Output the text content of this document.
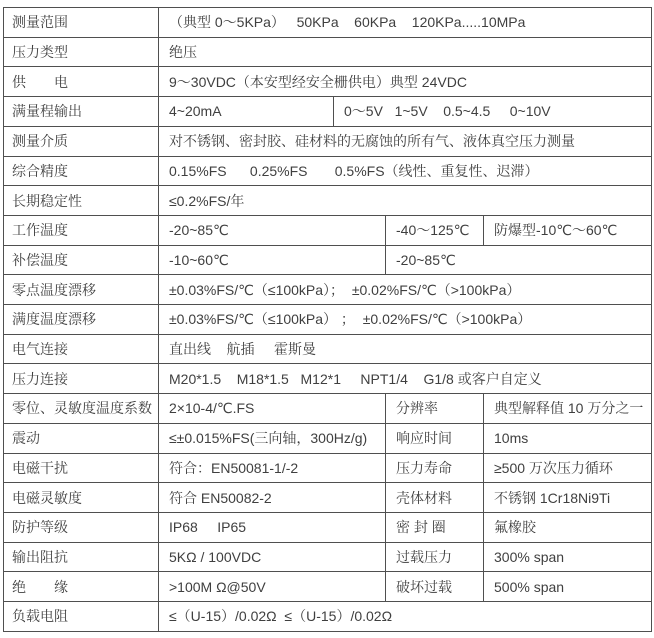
测量范围	（典型 0～5KPa）   50KPa    60KPa    120KPa.....10MPa			
压力类型	绝压			
供　　电	9～30VDC（本安型经安全栅供电）典型 24VDC			
满量程输出	4~20mA	0～5V   1~5V    0.5~4.5     0~10V		
测量介质	对不锈钢、密封胶、硅材料的无腐蚀的所有气、液体真空压力测量			
综合精度	0.15%FS      0.25%FS       0.5%FS（线性、重复性、迟滞）			
长期稳定性	≤0.2%FS/年			
工作温度	-20~85℃		-40～125℃	防爆型-10℃～60℃
补偿温度	-10~60℃		-20~85℃	
零点温度漂移	±0.03%FS/℃（≤100kPa）；  ±0.02%FS/℃（>100kPa）			
满度温度漂移	±0.03%FS/℃（≤100kPa） ；  ±0.02%FS/℃（>100kPa）			
电气连接	直出线    航插     霍斯曼			
压力连接	M20*1.5    M18*1.5   M12*1     NPT1/4    G1/8 或客户自定义			
零位、灵敏度温度系数	2×10-4/℃.FS		分辨率	典型解释值 10 万分之一
震动	≤±0.015%FS(三向轴，300Hz/g)		响应时间	10ms
电磁干扰	符合：EN50081-1/-2		压力寿命	≥500 万次压力循环
电磁灵敏度	符合 EN50082-2		壳体材料	不锈钢 1Cr18Ni9Ti
防护等级	IP68     IP65		密 封 圈	氟橡胶
输出阻抗	5KΩ / 100VDC		过载压力	300% span
绝　　缘	>100M Ω@50V		破坏过载	500% span
负载电阻	≤（U-15）/0.02Ω  ≤（U-15）/0.02Ω			
